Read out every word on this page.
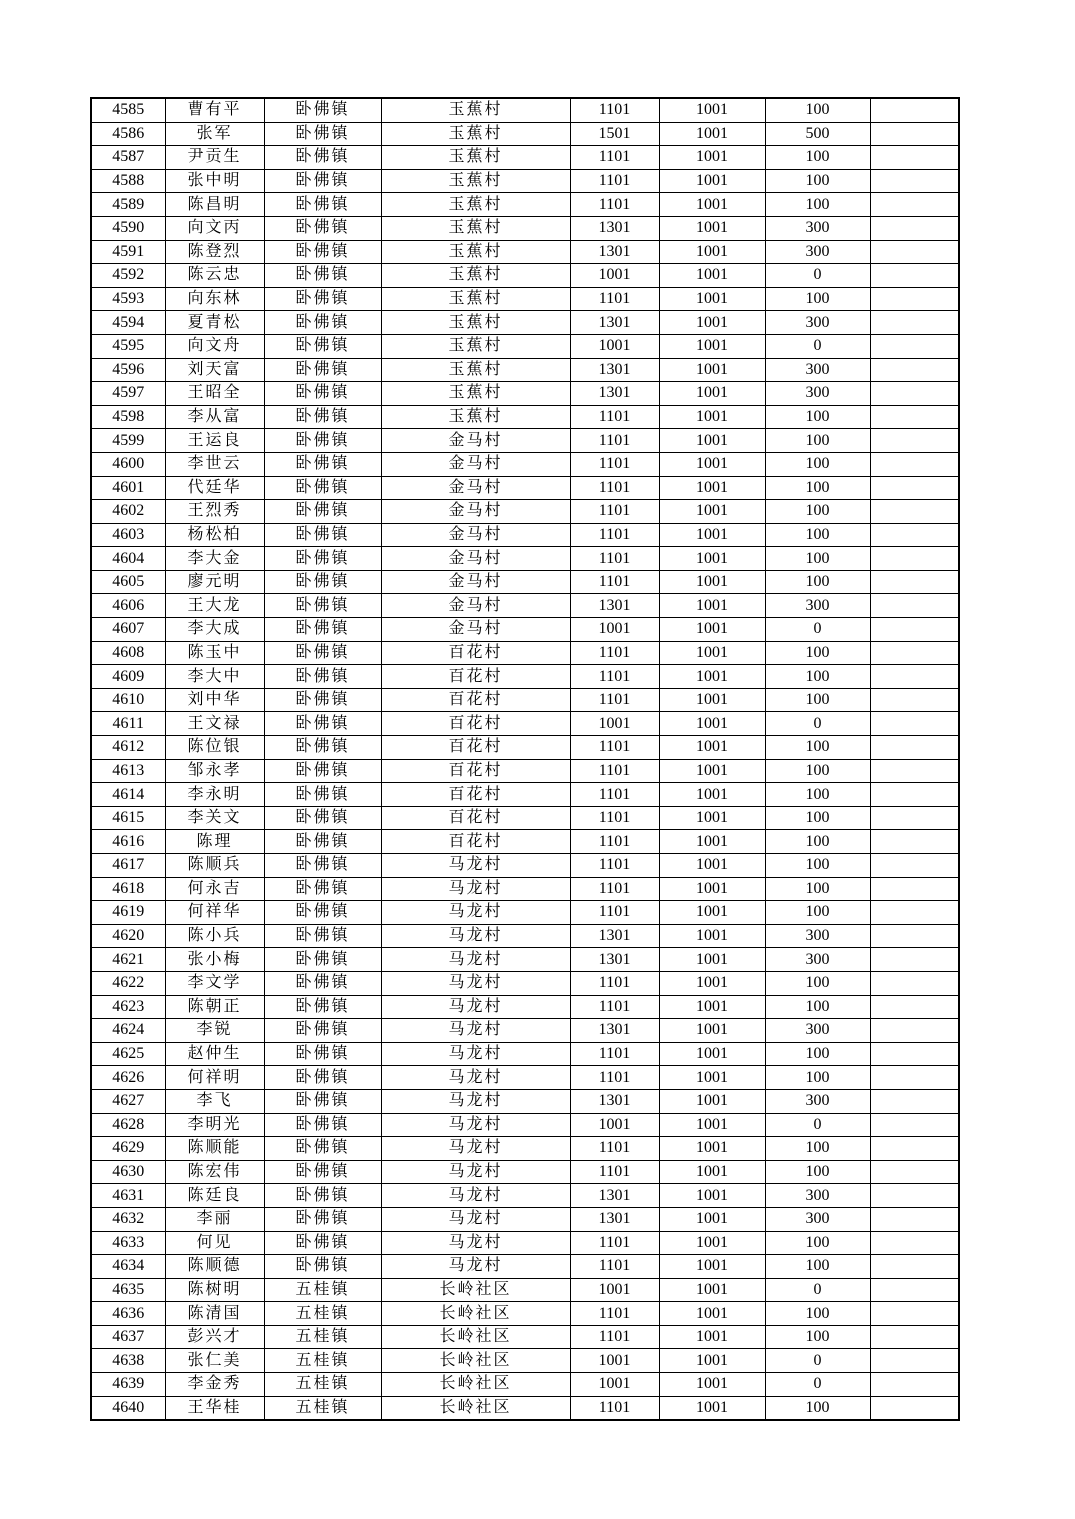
4585	曹有平	卧佛镇	玉蕉村	1101	1001	100	
4586	张军	卧佛镇	玉蕉村	1501	1001	500	
4587	尹贡生	卧佛镇	玉蕉村	1101	1001	100	
4588	张中明	卧佛镇	玉蕉村	1101	1001	100	
4589	陈昌明	卧佛镇	玉蕉村	1101	1001	100	
4590	向文丙	卧佛镇	玉蕉村	1301	1001	300	
4591	陈登烈	卧佛镇	玉蕉村	1301	1001	300	
4592	陈云忠	卧佛镇	玉蕉村	1001	1001	0	
4593	向东林	卧佛镇	玉蕉村	1101	1001	100	
4594	夏青松	卧佛镇	玉蕉村	1301	1001	300	
4595	向文舟	卧佛镇	玉蕉村	1001	1001	0	
4596	刘天富	卧佛镇	玉蕉村	1301	1001	300	
4597	王昭全	卧佛镇	玉蕉村	1301	1001	300	
4598	李从富	卧佛镇	玉蕉村	1101	1001	100	
4599	王运良	卧佛镇	金马村	1101	1001	100	
4600	李世云	卧佛镇	金马村	1101	1001	100	
4601	代廷华	卧佛镇	金马村	1101	1001	100	
4602	王烈秀	卧佛镇	金马村	1101	1001	100	
4603	杨松柏	卧佛镇	金马村	1101	1001	100	
4604	李大金	卧佛镇	金马村	1101	1001	100	
4605	廖元明	卧佛镇	金马村	1101	1001	100	
4606	王大龙	卧佛镇	金马村	1301	1001	300	
4607	李大成	卧佛镇	金马村	1001	1001	0	
4608	陈玉中	卧佛镇	百花村	1101	1001	100	
4609	李大中	卧佛镇	百花村	1101	1001	100	
4610	刘中华	卧佛镇	百花村	1101	1001	100	
4611	王文禄	卧佛镇	百花村	1001	1001	0	
4612	陈位银	卧佛镇	百花村	1101	1001	100	
4613	邹永孝	卧佛镇	百花村	1101	1001	100	
4614	李永明	卧佛镇	百花村	1101	1001	100	
4615	李关文	卧佛镇	百花村	1101	1001	100	
4616	陈理	卧佛镇	百花村	1101	1001	100	
4617	陈顺兵	卧佛镇	马龙村	1101	1001	100	
4618	何永吉	卧佛镇	马龙村	1101	1001	100	
4619	何祥华	卧佛镇	马龙村	1101	1001	100	
4620	陈小兵	卧佛镇	马龙村	1301	1001	300	
4621	张小梅	卧佛镇	马龙村	1301	1001	300	
4622	李文学	卧佛镇	马龙村	1101	1001	100	
4623	陈朝正	卧佛镇	马龙村	1101	1001	100	
4624	李锐	卧佛镇	马龙村	1301	1001	300	
4625	赵仲生	卧佛镇	马龙村	1101	1001	100	
4626	何祥明	卧佛镇	马龙村	1101	1001	100	
4627	李飞	卧佛镇	马龙村	1301	1001	300	
4628	李明光	卧佛镇	马龙村	1001	1001	0	
4629	陈顺能	卧佛镇	马龙村	1101	1001	100	
4630	陈宏伟	卧佛镇	马龙村	1101	1001	100	
4631	陈廷良	卧佛镇	马龙村	1301	1001	300	
4632	李丽	卧佛镇	马龙村	1301	1001	300	
4633	何见	卧佛镇	马龙村	1101	1001	100	
4634	陈顺德	卧佛镇	马龙村	1101	1001	100	
4635	陈树明	五桂镇	长岭社区	1001	1001	0	
4636	陈清国	五桂镇	长岭社区	1101	1001	100	
4637	彭兴才	五桂镇	长岭社区	1101	1001	100	
4638	张仁美	五桂镇	长岭社区	1001	1001	0	
4639	李金秀	五桂镇	长岭社区	1001	1001	0	
4640	王华桂	五桂镇	长岭社区	1101	1001	100	
